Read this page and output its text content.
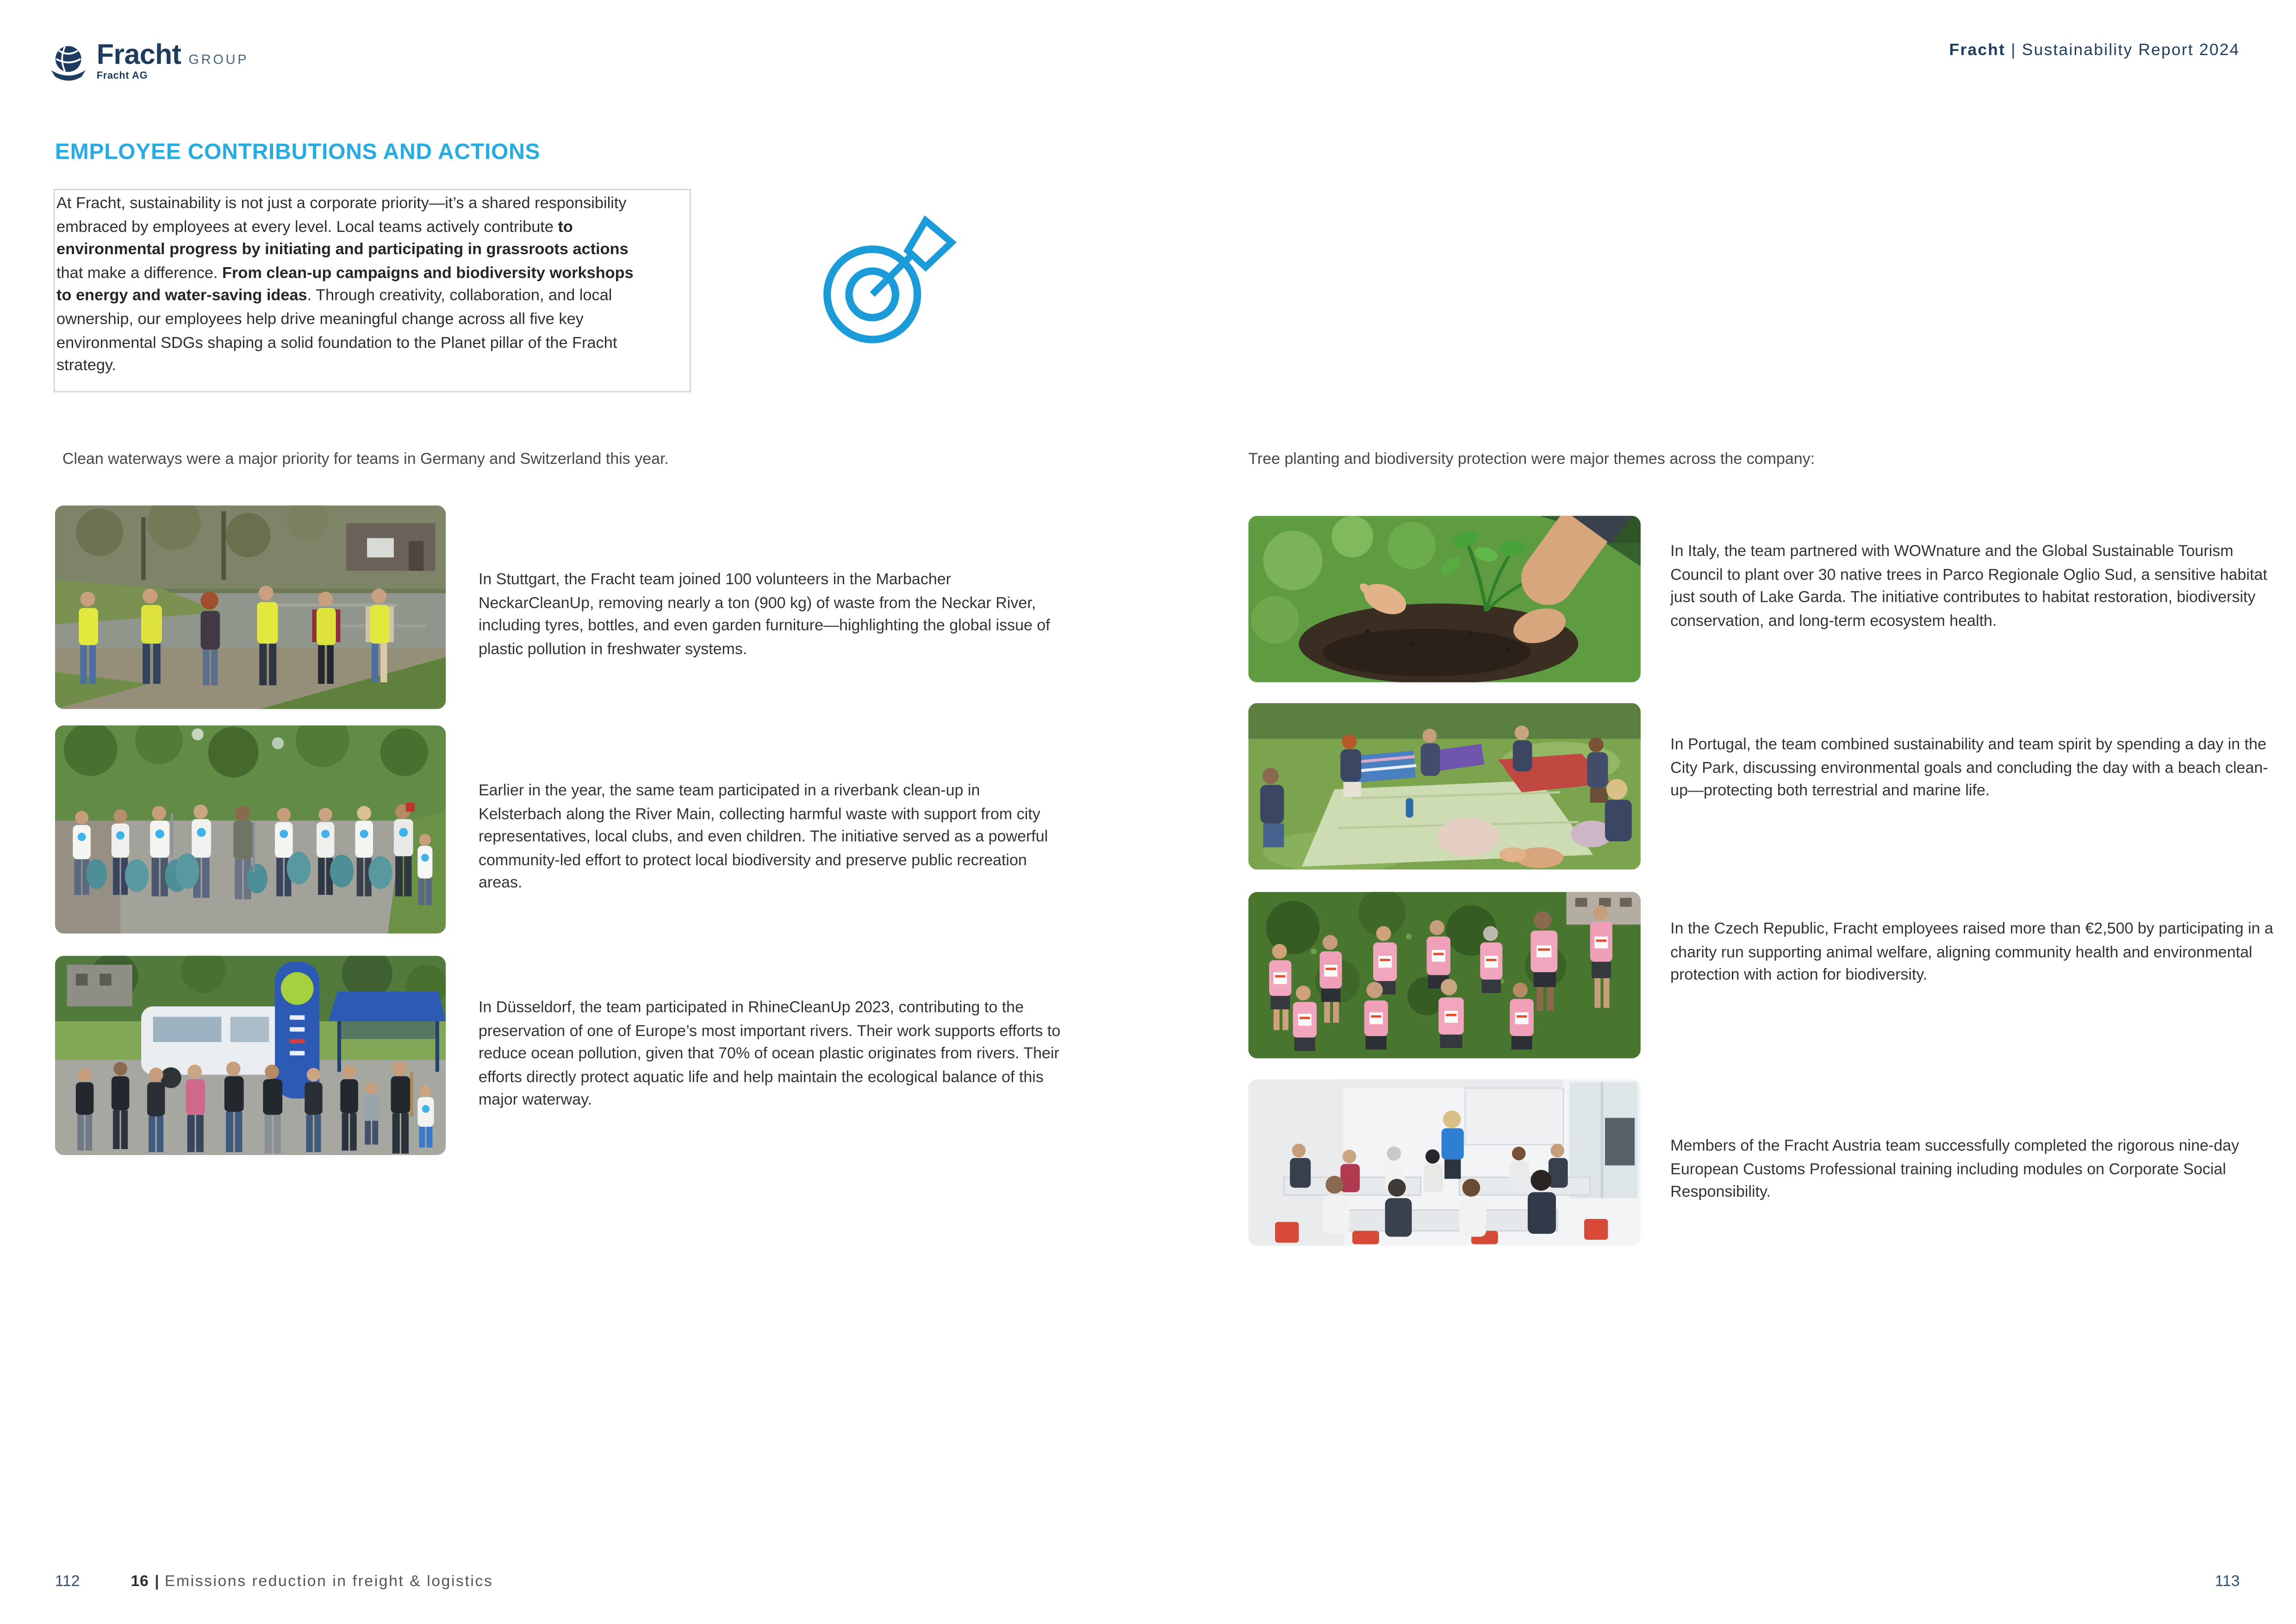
Fracht GROUP
Fracht AG
Fracht | Sustainability Report 2024
EMPLOYEE CONTRIBUTIONS AND ACTIONS

At Fracht, sustainability is not just a corporate priority—it’s a shared responsibility embraced by employees at every level. Local teams actively contribute to environmental progress by initiating and participating in grassroots actions that make a difference. From clean-up campaigns and biodiversity workshops to energy and water-saving ideas. Through creativity, collaboration, and local ownership, our employees help drive meaningful change across all five key environmental SDGs shaping a solid foundation to the Planet pillar of the Fracht strategy.

Clean waterways were a major priority for teams in Germany and Switzerland this year.	Tree planting and biodiversity protection were major themes across the company:

In Stuttgart, the Fracht team joined 100 volunteers in the Marbacher NeckarCleanUp, removing nearly a ton (900 kg) of waste from the Neckar River, including tyres, bottles, and even garden furniture—highlighting the global issue of plastic pollution in freshwater systems.

Earlier in the year, the same team participated in a riverbank clean-up in Kelsterbach along the River Main, collecting harmful waste with support from city representatives, local clubs, and even children. The initiative served as a powerful community-led effort to protect local biodiversity and preserve public recreation areas.

In Düsseldorf, the team participated in RhineCleanUp 2023, contributing to the preservation of one of Europe’s most important rivers. Their work supports efforts to reduce ocean pollution, given that 70% of ocean plastic originates from rivers. Their efforts directly protect aquatic life and help maintain the ecological balance of this major waterway.

In Italy, the team partnered with WOWnature and the Global Sustainable Tourism Council to plant over 30 native trees in Parco Regionale Oglio Sud, a sensitive habitat just south of Lake Garda. The initiative contributes to habitat restoration, biodiversity conservation, and long-term ecosystem health.

In Portugal, the team combined sustainability and team spirit by spending a day in the City Park, discussing environmental goals and concluding the day with a beach clean-up—protecting both terrestrial and marine life.

In the Czech Republic, Fracht employees raised more than €2,500 by participating in a charity run supporting animal welfare, aligning community health and environmental protection with action for biodiversity.

Members of the Fracht Austria team successfully completed the rigorous nine-day European Customs Professional training including modules on Corporate Social Responsibility.

112	16 | Emissions reduction in freight & logistics	113
